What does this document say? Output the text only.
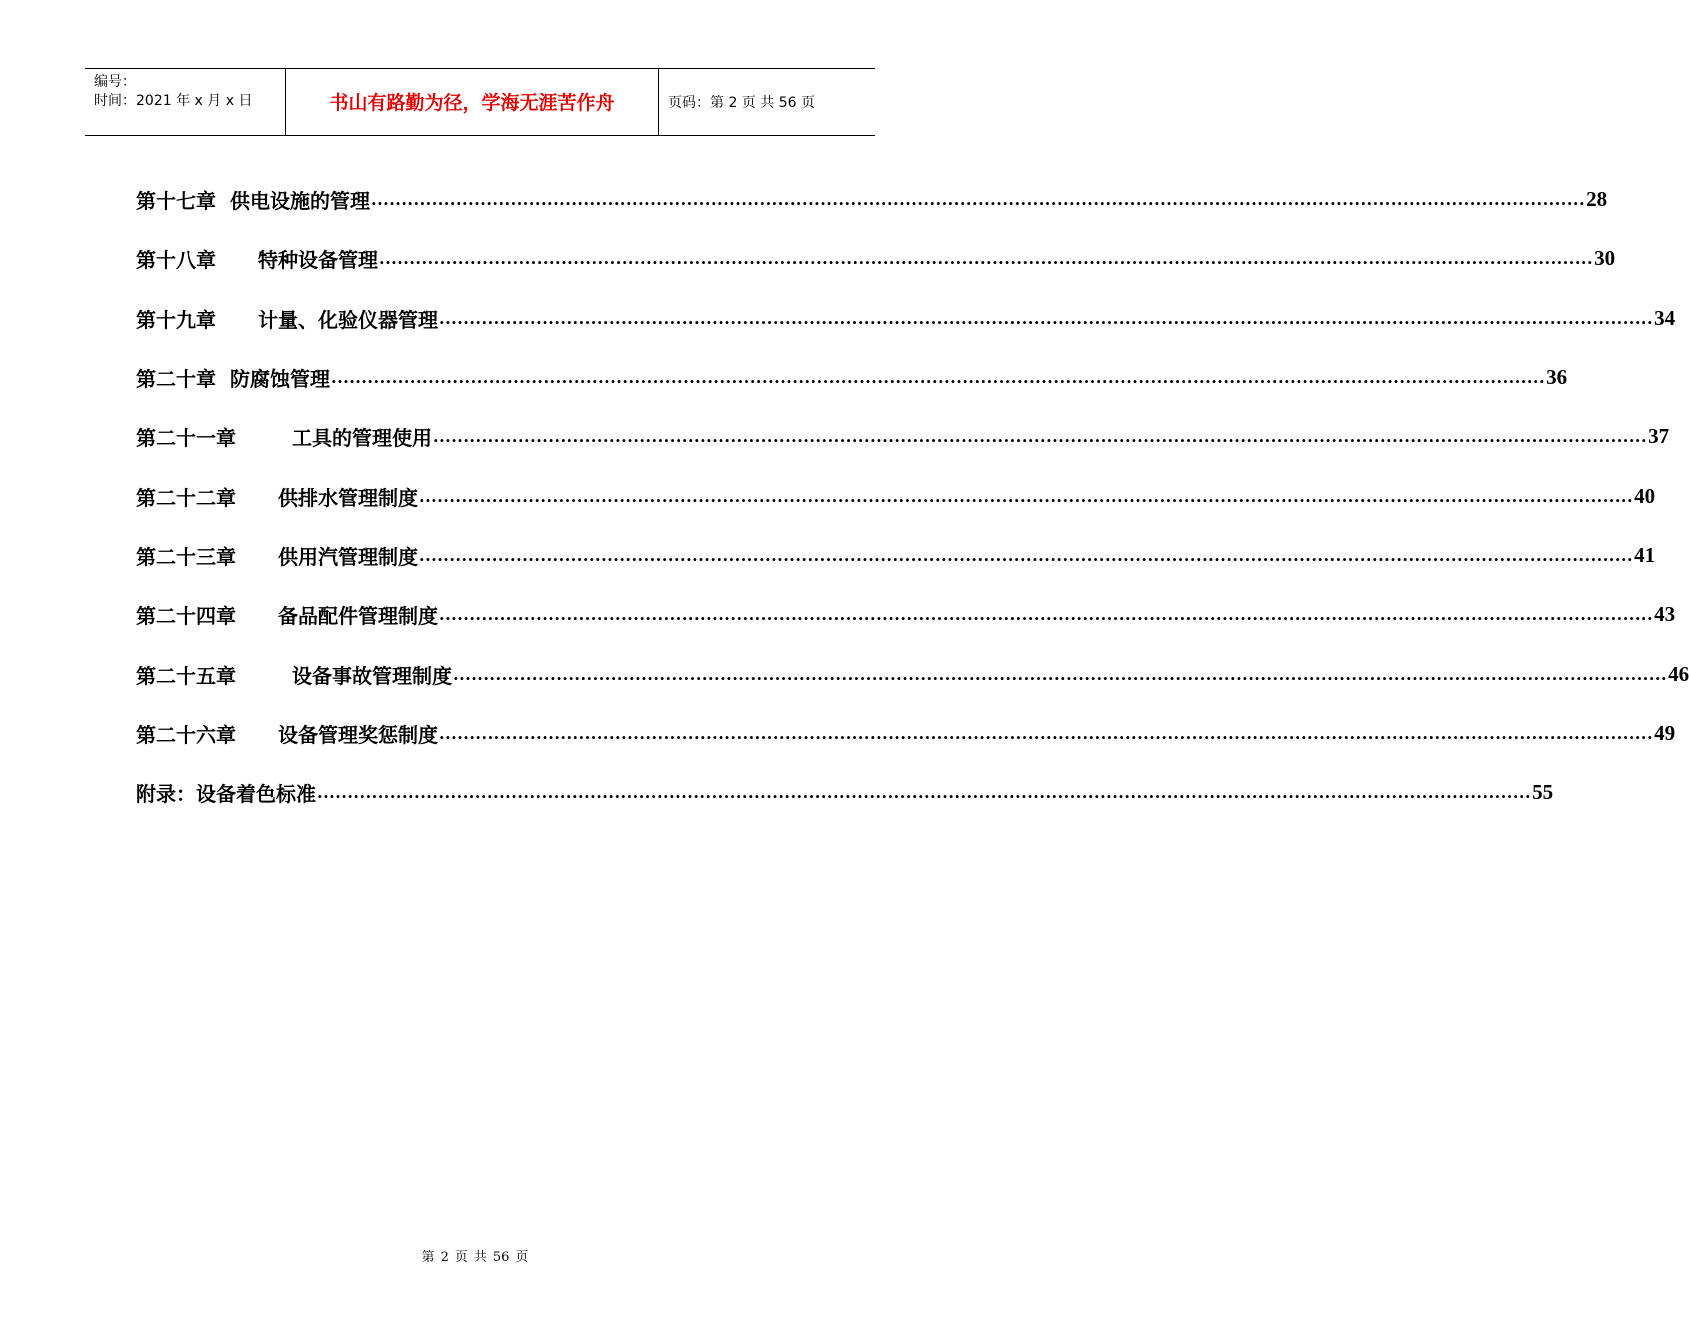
编号：
时间：2021 年 x 月 x 日	书山有路勤为径，学海无涯苦作舟	页码：第 2 页 共 56 页
第十七章 供电设施的管理 ........................................................................................................................................................................................................ 28
第十八章 特种设备管理 ........................................................................................................................................................................................................ 30
第十九章 计量、化验仪器管理 ........................................................................................................................................................................................................ 34
第二十章 防腐蚀管理 ........................................................................................................................................................................................................ 36
第二十一章	工具的管理使用 ........................................................................................................................................................................................................ 37
第二十二章 供排水管理制度 ........................................................................................................................................................................................................ 40
第二十三章 供用汽管理制度 ........................................................................................................................................................................................................ 41
第二十四章 备品配件管理制度 ........................................................................................................................................................................................................ 43
第二十五章	设备事故管理制度 ........................................................................................................................................................................................................ 46
第二十六章 设备管理奖惩制度 ........................................................................................................................................................................................................ 49
附录： 设备着色标准 ........................................................................................................................................................................................................ 55
第 2 页 共 56 页
